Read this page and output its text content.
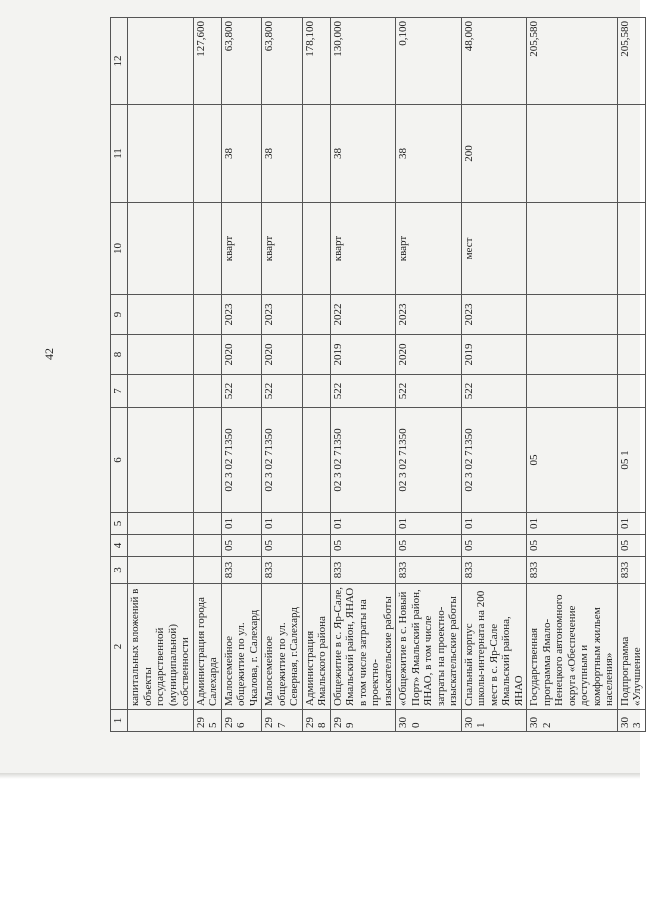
42
1	2	3	4	5	6	7	8	9	10	11	12
	капитальных вложений в объекты государственной (муниципальной) собственности										
295	Администрация города Салехарда										127,600
296	Малосемейное общежитие по ул. Чкалова, г. Салехард	833	05	01	02 3 02 71350	522	2020	2023	кварт	38	63,800
297	Малосемейное общежитие по ул. Северная, г.Салехард	833	05	01	02 3 02 71350	522	2020	2023	кварт	38	63,800
298	Администрация Ямальского района										178,100
299	Общежитие в с. Яр-Сале, Ямальский район, ЯНАО в том числе затраты на проектно-изыскательские работы	833	05	01	02 3 02 71350	522	2019	2022	кварт	38	130,000
300	«Общежитие в с. Новый Порт» Ямальский район, ЯНАО, в том числе затраты на проектно-изыскательские работы	833	05	01	02 3 02 71350	522	2020	2023	кварт	38	0,100
301	Спальный корпус школы-интерната на 200 мест в с. Яр-Сале Ямальский района, ЯНАО	833	05	01	02 3 02 71350	522	2019	2023	мест	200	48,000
302	Государственная программа Ямало-Ненецкого автономного округа «Обеспечение доступным и комфортным жильем населения»	833	05	01	05						205,580
303	Подпрограмма «Улучшение	833	05	01	05 1						205,580
